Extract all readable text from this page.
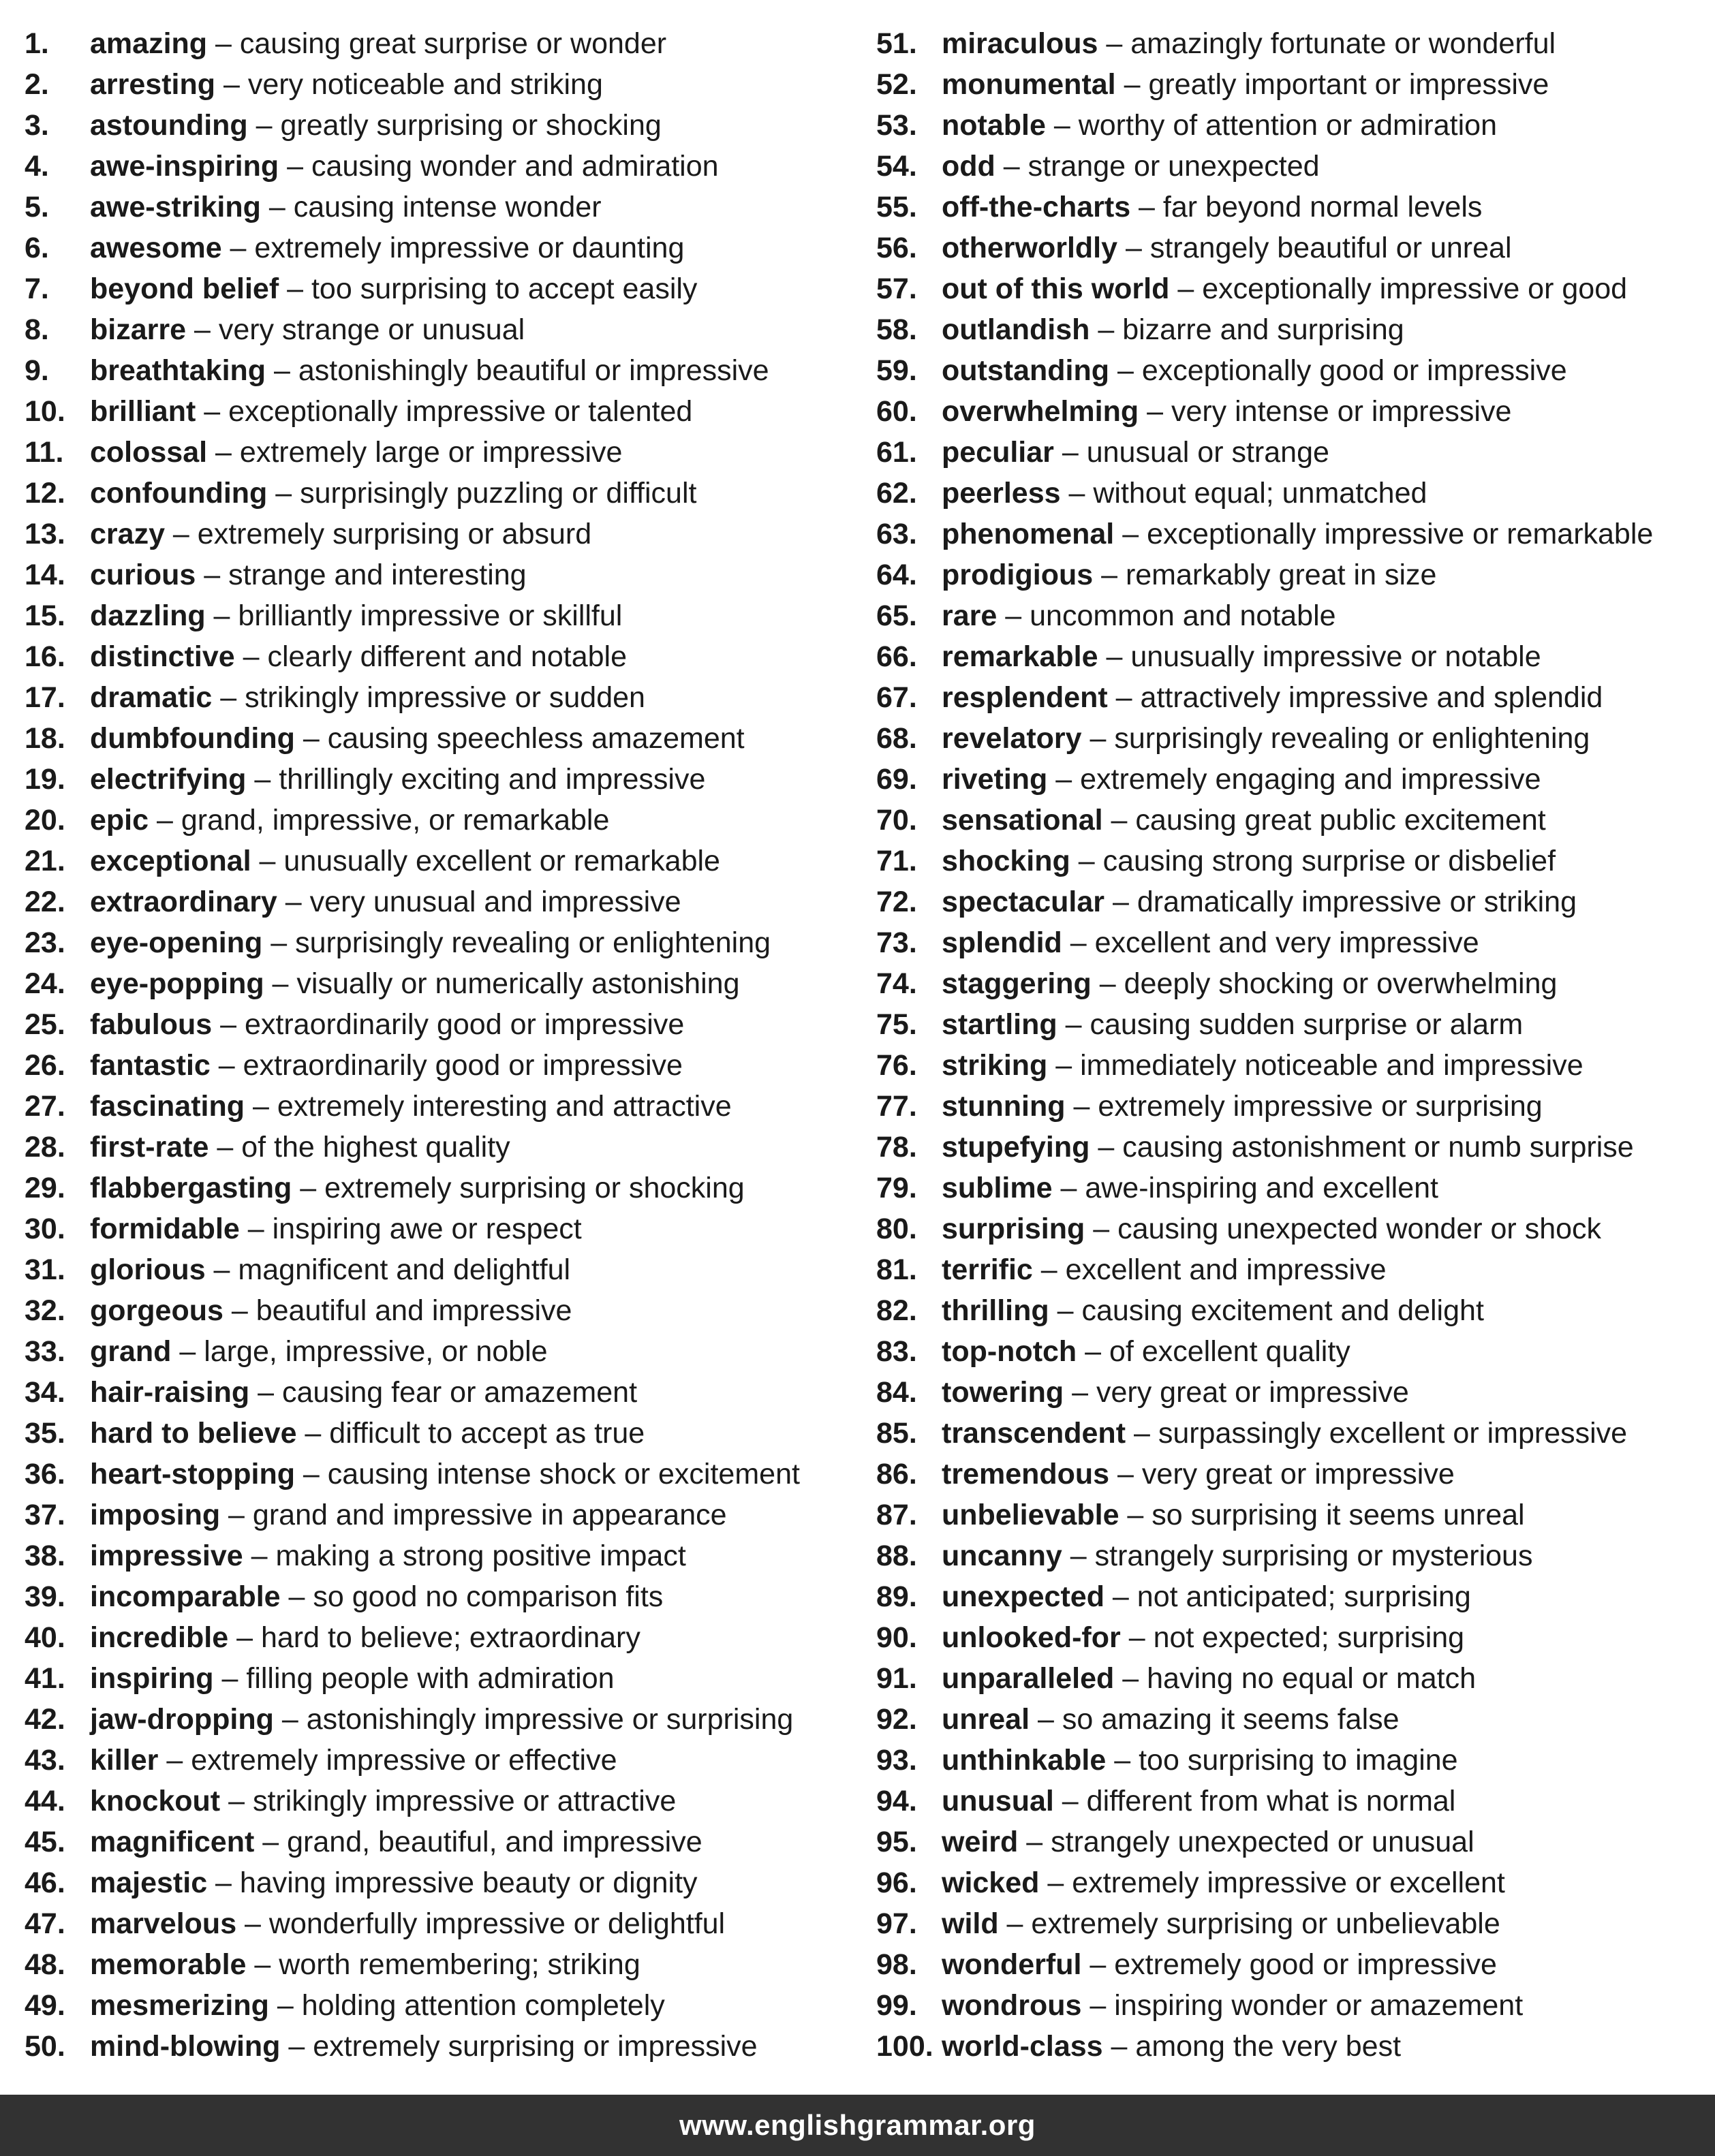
1. amazing – causing great surprise or wonder
2. arresting – very noticeable and striking
3. astounding – greatly surprising or shocking
4. awe-inspiring – causing wonder and admiration
5. awe-striking – causing intense wonder
6. awesome – extremely impressive or daunting
7. beyond belief – too surprising to accept easily
8. bizarre – very strange or unusual
9. breathtaking – astonishingly beautiful or impressive
10. brilliant – exceptionally impressive or talented
11. colossal – extremely large or impressive
12. confounding – surprisingly puzzling or difficult
13. crazy – extremely surprising or absurd
14. curious – strange and interesting
15. dazzling – brilliantly impressive or skillful
16. distinctive – clearly different and notable
17. dramatic – strikingly impressive or sudden
18. dumbfounding – causing speechless amazement
19. electrifying – thrillingly exciting and impressive
20. epic – grand, impressive, or remarkable
21. exceptional – unusually excellent or remarkable
22. extraordinary – very unusual and impressive
23. eye-opening – surprisingly revealing or enlightening
24. eye-popping – visually or numerically astonishing
25. fabulous – extraordinarily good or impressive
26. fantastic – extraordinarily good or impressive
27. fascinating – extremely interesting and attractive
28. first-rate – of the highest quality
29. flabbergasting – extremely surprising or shocking
30. formidable – inspiring awe or respect
31. glorious – magnificent and delightful
32. gorgeous – beautiful and impressive
33. grand – large, impressive, or noble
34. hair-raising – causing fear or amazement
35. hard to believe – difficult to accept as true
36. heart-stopping – causing intense shock or excitement
37. imposing – grand and impressive in appearance
38. impressive – making a strong positive impact
39. incomparable – so good no comparison fits
40. incredible – hard to believe; extraordinary
41. inspiring – filling people with admiration
42. jaw-dropping – astonishingly impressive or surprising
43. killer – extremely impressive or effective
44. knockout – strikingly impressive or attractive
45. magnificent – grand, beautiful, and impressive
46. majestic – having impressive beauty or dignity
47. marvelous – wonderfully impressive or delightful
48. memorable – worth remembering; striking
49. mesmerizing – holding attention completely
50. mind-blowing – extremely surprising or impressive
51. miraculous – amazingly fortunate or wonderful
52. monumental – greatly important or impressive
53. notable – worthy of attention or admiration
54. odd – strange or unexpected
55. off-the-charts – far beyond normal levels
56. otherworldly – strangely beautiful or unreal
57. out of this world – exceptionally impressive or good
58. outlandish – bizarre and surprising
59. outstanding – exceptionally good or impressive
60. overwhelming – very intense or impressive
61. peculiar – unusual or strange
62. peerless – without equal; unmatched
63. phenomenal – exceptionally impressive or remarkable
64. prodigious – remarkably great in size
65. rare – uncommon and notable
66. remarkable – unusually impressive or notable
67. resplendent – attractively impressive and splendid
68. revelatory – surprisingly revealing or enlightening
69. riveting – extremely engaging and impressive
70. sensational – causing great public excitement
71. shocking – causing strong surprise or disbelief
72. spectacular – dramatically impressive or striking
73. splendid – excellent and very impressive
74. staggering – deeply shocking or overwhelming
75. startling – causing sudden surprise or alarm
76. striking – immediately noticeable and impressive
77. stunning – extremely impressive or surprising
78. stupefying – causing astonishment or numb surprise
79. sublime – awe-inspiring and excellent
80. surprising – causing unexpected wonder or shock
81. terrific – excellent and impressive
82. thrilling – causing excitement and delight
83. top-notch – of excellent quality
84. towering – very great or impressive
85. transcendent – surpassingly excellent or impressive
86. tremendous – very great or impressive
87. unbelievable – so surprising it seems unreal
88. uncanny – strangely surprising or mysterious
89. unexpected – not anticipated; surprising
90. unlooked-for – not expected; surprising
91. unparalleled – having no equal or match
92. unreal – so amazing it seems false
93. unthinkable – too surprising to imagine
94. unusual – different from what is normal
95. weird – strangely unexpected or unusual
96. wicked – extremely impressive or excellent
97. wild – extremely surprising or unbelievable
98. wonderful – extremely good or impressive
99. wondrous – inspiring wonder or amazement
100. world-class – among the very best
www.englishgrammar.org
